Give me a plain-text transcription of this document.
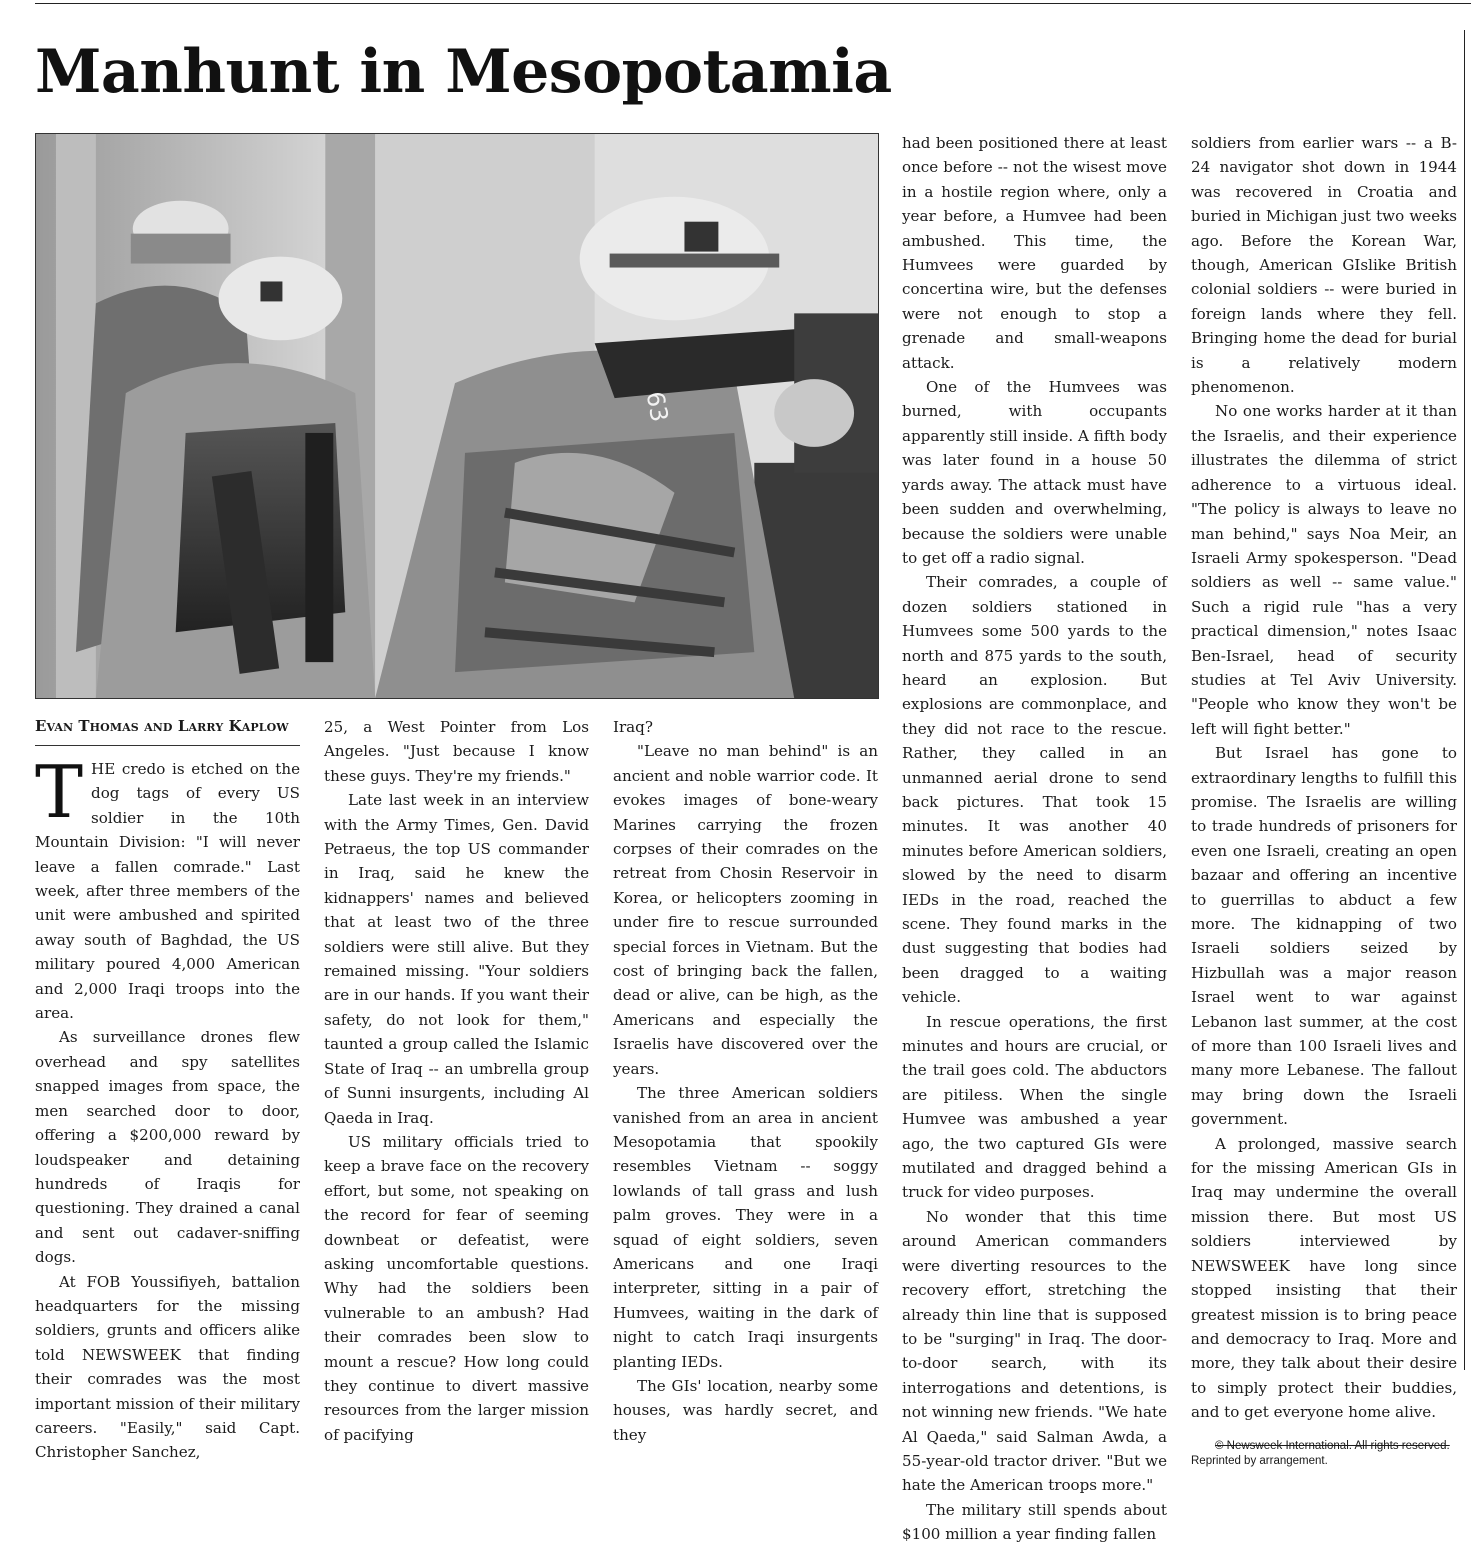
Manhunt in Mesopotamia
63
Evan Thomas and Larry Kaplow

THE credo is etched on the dog tags of every US soldier in the 10th Mountain Division: "I will never leave a fallen comrade." Last week, after three members of the unit were ambushed and spirited away south of Baghdad, the US military poured 4,000 American and 2,000 Iraqi troops into the area.

As surveillance drones flew overhead and spy satellites snapped images from space, the men searched door to door, offering a $200,000 reward by loudspeaker and detaining hundreds of Iraqis for questioning. They drained a canal and sent out cadaver-sniffing dogs.

At FOB Youssifiyeh, battalion headquarters for the missing soldiers, grunts and officers alike told NEWSWEEK that finding their comrades was the most important mission of their military careers. "Easily," said Capt. Christopher Sanchez,

25, a West Pointer from Los Angeles. "Just because I know these guys. They're my friends."

Late last week in an interview with the Army Times, Gen. David Petraeus, the top US commander in Iraq, said he knew the kidnappers' names and believed that at least two of the three soldiers were still alive. But they remained missing. "Your soldiers are in our hands. If you want their safety, do not look for them," taunted a group called the Islamic State of Iraq -- an umbrella group of Sunni insurgents, including Al Qaeda in Iraq.

US military officials tried to keep a brave face on the recovery effort, but some, not speaking on the record for fear of seeming downbeat or defeatist, were asking uncomfortable questions. Why had the soldiers been vulnerable to an ambush? Had their comrades been slow to mount a rescue? How long could they continue to divert massive resources from the larger mission of pacifying

Iraq?

"Leave no man behind" is an ancient and noble warrior code. It evokes images of bone-weary Marines carrying the frozen corpses of their comrades on the retreat from Chosin Reservoir in Korea, or helicopters zooming in under fire to rescue surrounded special forces in Vietnam. But the cost of bringing back the fallen, dead or alive, can be high, as the Americans and especially the Israelis have discovered over the years.

The three American soldiers vanished from an area in ancient Mesopotamia that spookily resembles Vietnam -- soggy lowlands of tall grass and lush palm groves. They were in a squad of eight soldiers, seven Americans and one Iraqi interpreter, sitting in a pair of Humvees, waiting in the dark of night to catch Iraqi insurgents planting IEDs.

The GIs' location, nearby some houses, was hardly secret, and they

had been positioned there at least once before -- not the wisest move in a hostile region where, only a year before, a Humvee had been ambushed. This time, the Humvees were guarded by concertina wire, but the defenses were not enough to stop a grenade and small-weapons attack.

One of the Humvees was burned, with occupants apparently still inside. A fifth body was later found in a house 50 yards away. The attack must have been sudden and overwhelming, because the soldiers were unable to get off a radio signal.

Their comrades, a couple of dozen soldiers stationed in Humvees some 500 yards to the north and 875 yards to the south, heard an explosion. But explosions are commonplace, and they did not race to the rescue. Rather, they called in an unmanned aerial drone to send back pictures. That took 15 minutes. It was another 40 minutes before American soldiers, slowed by the need to disarm IEDs in the road, reached the scene. They found marks in the dust suggesting that bodies had been dragged to a waiting vehicle.

In rescue operations, the first minutes and hours are crucial, or the trail goes cold. The abductors are pitiless. When the single Humvee was ambushed a year ago, the two captured GIs were mutilated and dragged behind a truck for video purposes.

No wonder that this time around American commanders were diverting resources to the recovery effort, stretching the already thin line that is supposed to be "surging" in Iraq. The door-to-door search, with its interrogations and detentions, is not winning new friends. "We hate Al Qaeda," said Salman Awda, a 55-year-old tractor driver. "But we hate the American troops more."

The military still spends about $100 million a year finding fallen

soldiers from earlier wars -- a B-24 navigator shot down in 1944 was recovered in Croatia and buried in Michigan just two weeks ago. Before the Korean War, though, American GIslike British colonial soldiers -- were buried in foreign lands where they fell. Bringing home the dead for burial is a relatively modern phenomenon.

No one works harder at it than the Israelis, and their experience illustrates the dilemma of strict adherence to a virtuous ideal. "The policy is always to leave no man behind," says Noa Meir, an Israeli Army spokesperson. "Dead soldiers as well -- same value." Such a rigid rule "has a very practical dimension," notes Isaac Ben-Israel, head of security studies at Tel Aviv University. "People who know they won't be left will fight better."

But Israel has gone to extraordinary lengths to fulfill this promise. The Israelis are willing to trade hundreds of prisoners for even one Israeli, creating an open bazaar and offering an incentive to guerrillas to abduct a few more. The kidnapping of two Israeli soldiers seized by Hizbullah was a major reason Israel went to war against Lebanon last summer, at the cost of more than 100 Israeli lives and many more Lebanese. The fallout may bring down the Israeli government.

A prolonged, massive search for the missing American GIs in Iraq may undermine the overall mission there. But most US soldiers interviewed by NEWSWEEK have long since stopped insisting that their greatest mission is to bring peace and democracy to Iraq. More and more, they talk about their desire to simply protect their buddies, and to get everyone home alive.

© Newsweek International. All rights reserved.
Reprinted by arrangement.
